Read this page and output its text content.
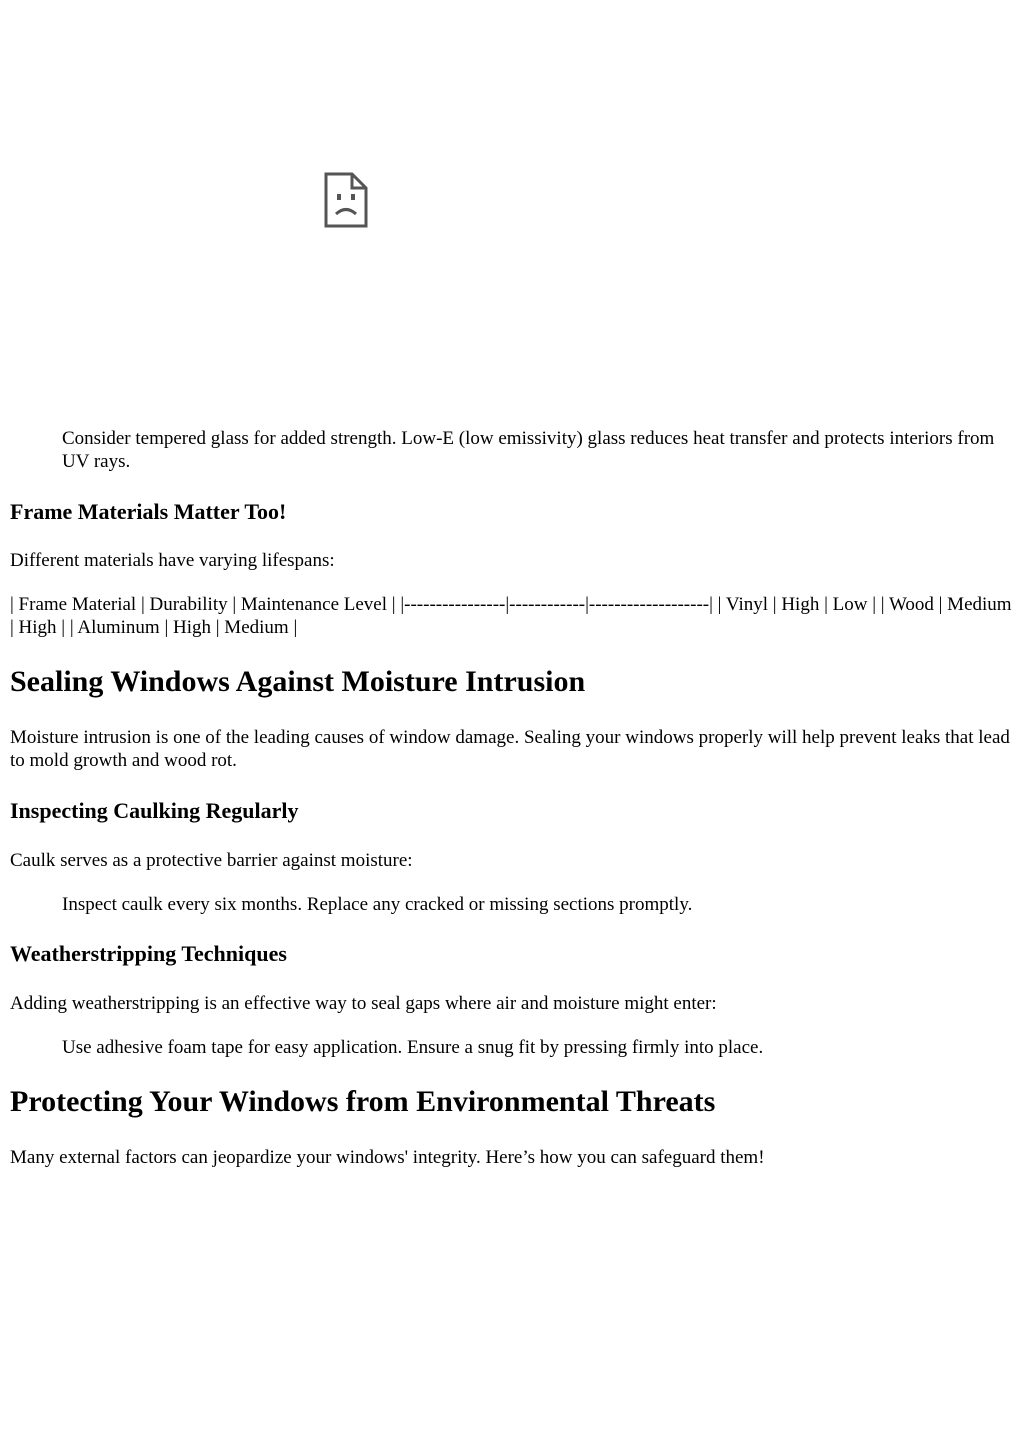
Consider tempered glass for added strength. Low-E (low emissivity) glass reduces heat transfer and protects interiors from UV rays.
Frame Materials Matter Too!

Different materials have varying lifespans:

| Frame Material | Durability | Maintenance Level | |----------------|------------|-------------------| | Vinyl | High | Low | | Wood | Medium | High | | Aluminum | High | Medium |

Sealing Windows Against Moisture Intrusion

Moisture intrusion is one of the leading causes of window damage. Sealing your windows properly will help prevent leaks that lead to mold growth and wood rot.

Inspecting Caulking Regularly

Caulk serves as a protective barrier against moisture:

Inspect caulk every six months. Replace any cracked or missing sections promptly.
Weatherstripping Techniques

Adding weatherstripping is an effective way to seal gaps where air and moisture might enter:

Use adhesive foam tape for easy application. Ensure a snug fit by pressing firmly into place.
Protecting Your Windows from Environmental Threats

Many external factors can jeopardize your windows' integrity. Here’s how you can safeguard them!
